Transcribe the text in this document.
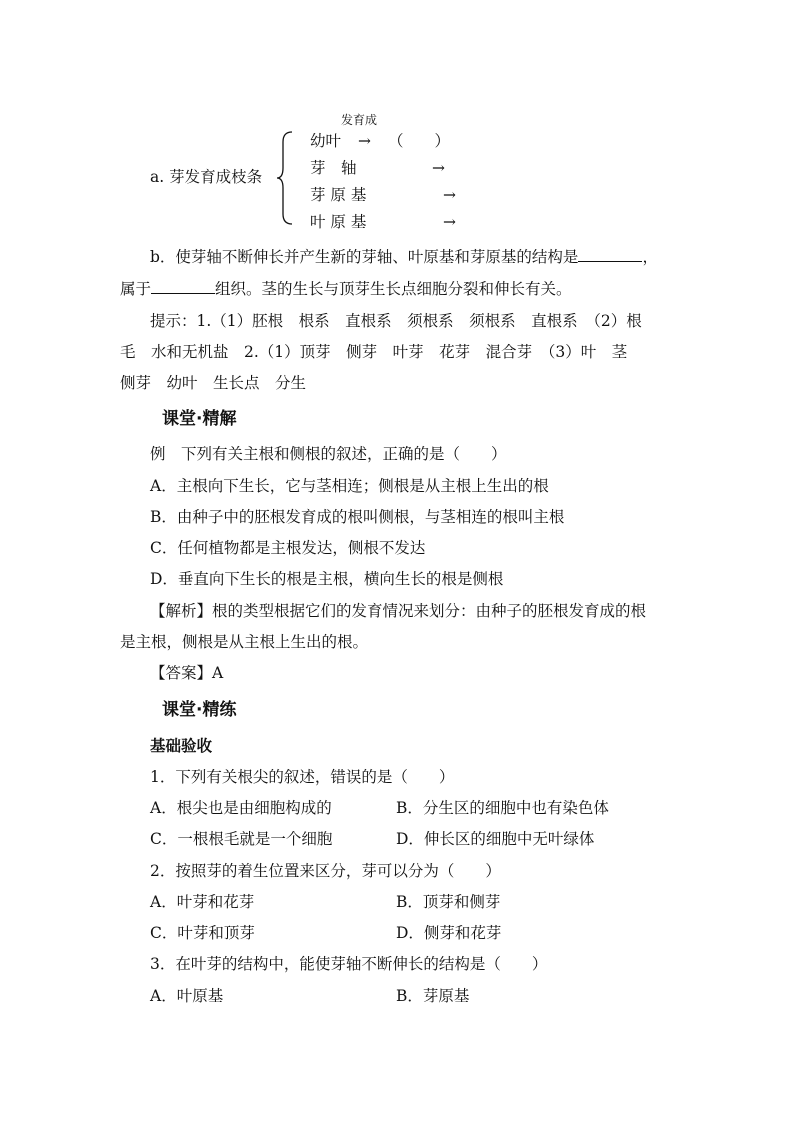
发育成
a. 芽发育成枝条
幼叶 → （　　）
芽　轴	→
芽 原 基	→
叶 原 基	→
b．使芽轴不断伸长并产生新的芽轴、叶原基和芽原基的结构是	，
属于	组织。茎的生长与顶芽生长点细胞分裂和伸长有关。
提示：1.（1）胚根　根系　直根系　须根系　须根系　直根系　（2）根
毛　水和无机盐　2.（1）顶芽　侧芽　叶芽　花芽　混合芽　（3）叶　茎
侧芽　幼叶　生长点　分生
课堂·精解
例　下列有关主根和侧根的叙述，正确的是（　　）
A．主根向下生长，它与茎相连；侧根是从主根上生出的根
B．由种子中的胚根发育成的根叫侧根，与茎相连的根叫主根
C．任何植物都是主根发达，侧根不发达
D．垂直向下生长的根是主根，横向生长的根是侧根
【解析】根的类型根据它们的发育情况来划分：由种子的胚根发育成的根
是主根，侧根是从主根上生出的根。
【答案】A
课堂·精练
基础验收
1．下列有关根尖的叙述，错误的是（　　）
A．根尖也是由细胞构成的	B．分生区的细胞中也有染色体
C．一根根毛就是一个细胞	D．伸长区的细胞中无叶绿体
2．按照芽的着生位置来区分，芽可以分为（　　）
A．叶芽和花芽	B．顶芽和侧芽
C．叶芽和顶芽	D．侧芽和花芽
3．在叶芽的结构中，能使芽轴不断伸长的结构是（　　）
A．叶原基	B．芽原基
